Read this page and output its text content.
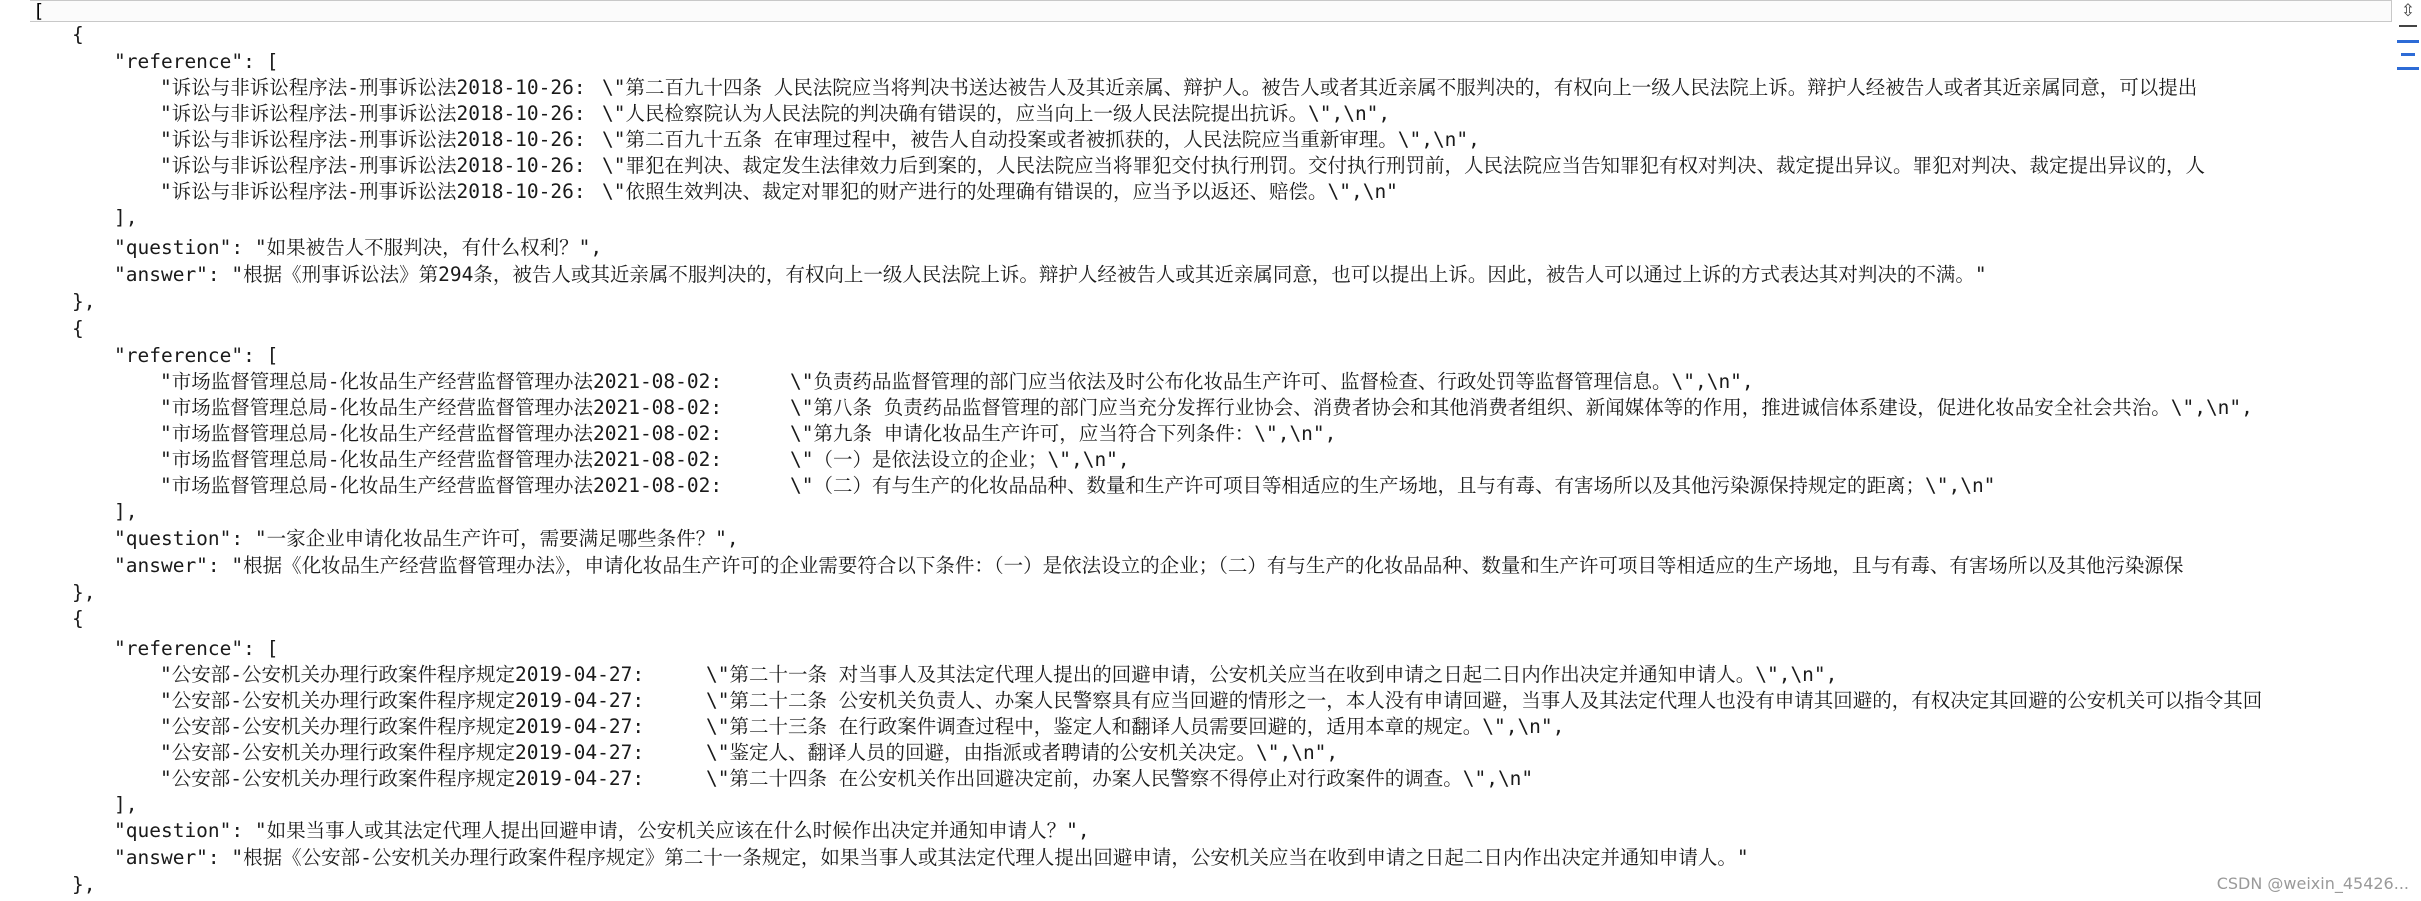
[
{
"reference": [
"诉讼与非诉讼程序法-刑事诉讼法2018-10-26: \"第二百九十四条 人民法院应当将判决书送达被告人及其近亲属、辩护人。被告人或者其近亲属不服判决的，有权向上一级人民法院上诉。辩护人经被告人或者其近亲属同意，可以提出
"诉讼与非诉讼程序法-刑事诉讼法2018-10-26: \"人民检察院认为人民法院的判决确有错误的，应当向上一级人民法院提出抗诉。\",\n",
"诉讼与非诉讼程序法-刑事诉讼法2018-10-26: \"第二百九十五条 在审理过程中，被告人自动投案或者被抓获的，人民法院应当重新审理。\",\n",
"诉讼与非诉讼程序法-刑事诉讼法2018-10-26: \"罪犯在判决、裁定发生法律效力后到案的，人民法院应当将罪犯交付执行刑罚。交付执行刑罚前，人民法院应当告知罪犯有权对判决、裁定提出异议。罪犯对判决、裁定提出异议的，人
"诉讼与非诉讼程序法-刑事诉讼法2018-10-26: \"依照生效判决、裁定对罪犯的财产进行的处理确有错误的，应当予以返还、赔偿。\",\n"
],
"question": "如果被告人不服判决，有什么权利？",
"answer": "根据《刑事诉讼法》第294条，被告人或其近亲属不服判决的，有权向上一级人民法院上诉。辩护人经被告人或其近亲属同意，也可以提出上诉。因此，被告人可以通过上诉的方式表达其对判决的不满。"
},
{
"reference": [
"市场监督管理总局-化妆品生产经营监督管理办法2021-08-02:	\"负责药品监督管理的部门应当依法及时公布化妆品生产许可、监督检查、行政处罚等监督管理信息。\",\n",
"市场监督管理总局-化妆品生产经营监督管理办法2021-08-02:	\"第八条 负责药品监督管理的部门应当充分发挥行业协会、消费者协会和其他消费者组织、新闻媒体等的作用，推进诚信体系建设，促进化妆品安全社会共治。\",\n",
"市场监督管理总局-化妆品生产经营监督管理办法2021-08-02:	\"第九条 申请化妆品生产许可，应当符合下列条件：\",\n",
"市场监督管理总局-化妆品生产经营监督管理办法2021-08-02:	\"（一）是依法设立的企业；\",\n",
"市场监督管理总局-化妆品生产经营监督管理办法2021-08-02:	\"（二）有与生产的化妆品品种、数量和生产许可项目等相适应的生产场地，且与有毒、有害场所以及其他污染源保持规定的距离；\",\n"
],
"question": "一家企业申请化妆品生产许可，需要满足哪些条件？",
"answer": "根据《化妆品生产经营监督管理办法》，申请化妆品生产许可的企业需要符合以下条件：（一）是依法设立的企业；（二）有与生产的化妆品品种、数量和生产许可项目等相适应的生产场地，且与有毒、有害场所以及其他污染源保
},
{
"reference": [
"公安部-公安机关办理行政案件程序规定2019-04-27:	\"第二十一条 对当事人及其法定代理人提出的回避申请，公安机关应当在收到申请之日起二日内作出决定并通知申请人。\",\n",
"公安部-公安机关办理行政案件程序规定2019-04-27:	\"第二十二条 公安机关负责人、办案人民警察具有应当回避的情形之一，本人没有申请回避，当事人及其法定代理人也没有申请其回避的，有权决定其回避的公安机关可以指令其回
"公安部-公安机关办理行政案件程序规定2019-04-27:	\"第二十三条 在行政案件调查过程中，鉴定人和翻译人员需要回避的，适用本章的规定。\",\n",
"公安部-公安机关办理行政案件程序规定2019-04-27:	\"鉴定人、翻译人员的回避，由指派或者聘请的公安机关决定。\",\n",
"公安部-公安机关办理行政案件程序规定2019-04-27:	\"第二十四条 在公安机关作出回避决定前，办案人民警察不得停止对行政案件的调查。\",\n"
],
"question": "如果当事人或其法定代理人提出回避申请，公安机关应该在什么时候作出决定并通知申请人？",
"answer": "根据《公安部-公安机关办理行政案件程序规定》第二十一条规定，如果当事人或其法定代理人提出回避申请，公安机关应当在收到申请之日起二日内作出决定并通知申请人。"
},
⇳
CSDN @weixin_45426...
